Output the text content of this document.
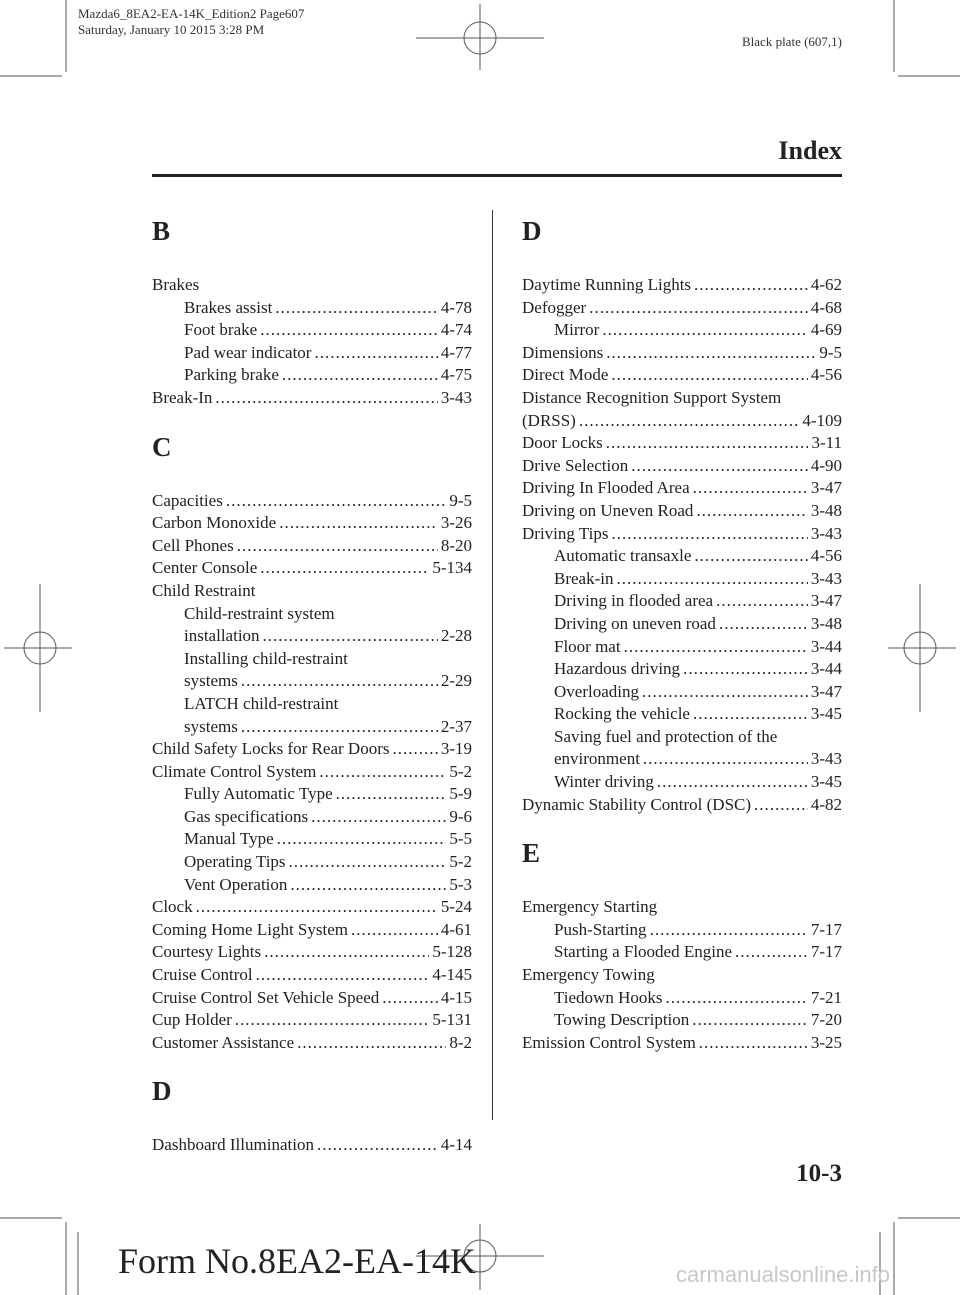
Mazda6_8EA2-EA-14K_Edition2 Page607
Saturday, January 10 2015 3:28 PM
Black plate (607,1)
Index
B
Brakes
Brakes assist .....	4-78
Foot brake .....	4-74
Pad wear indicator .....	4-77
Parking brake .....	4-75
Break-In .....	3-43
C
Capacities .....	9-5
Carbon Monoxide .....	3-26
Cell Phones .....	8-20
Center Console .....	5-134
Child Restraint
Child-restraint system
installation .....	2-28
Installing child-restraint
systems .....	2-29
LATCH child-restraint
systems .....	2-37
Child Safety Locks for Rear Doors .....	3-19
Climate Control System .....	5-2
Fully Automatic Type .....	5-9
Gas specifications .....	9-6
Manual Type .....	5-5
Operating Tips .....	5-2
Vent Operation .....	5-3
Clock .....	5-24
Coming Home Light System .....	4-61
Courtesy Lights .....	5-128
Cruise Control .....	4-145
Cruise Control Set Vehicle Speed .....	4-15
Cup Holder .....	5-131
Customer Assistance .....	8-2
D
Dashboard Illumination .....	4-14
D
Daytime Running Lights .....	4-62
Defogger .....	4-68
Mirror .....	4-69
Dimensions .....	9-5
Direct Mode .....	4-56
Distance Recognition Support System
(DRSS) .....	4-109
Door Locks .....	3-11
Drive Selection .....	4-90
Driving In Flooded Area .....	3-47
Driving on Uneven Road .....	3-48
Driving Tips .....	3-43
Automatic transaxle .....	4-56
Break-in .....	3-43
Driving in flooded area .....	3-47
Driving on uneven road .....	3-48
Floor mat .....	3-44
Hazardous driving .....	3-44
Overloading .....	3-47
Rocking the vehicle .....	3-45
Saving fuel and protection of the
environment .....	3-43
Winter driving .....	3-45
Dynamic Stability Control (DSC) .....	4-82
E
Emergency Starting
Push-Starting .....	7-17
Starting a Flooded Engine .....	7-17
Emergency Towing
Tiedown Hooks .....	7-21
Towing Description .....	7-20
Emission Control System .....	3-25
10-3
Form No.8EA2-EA-14K	carmanualsonline.info
